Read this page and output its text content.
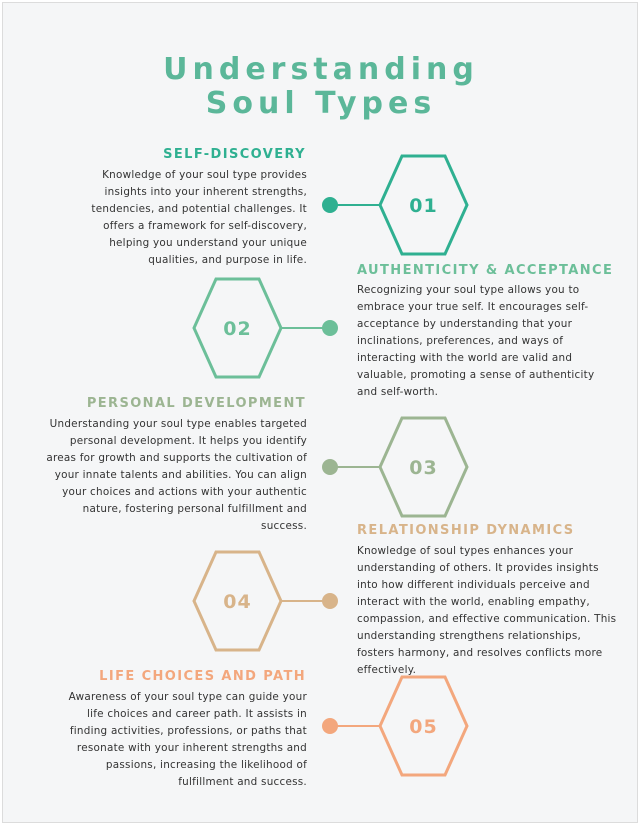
Understanding
Soul Types
01
02
03
04
05
SELF-DISCOVERY
Knowledge of your soul type provides insights into your inherent strengths, tendencies, and potential challenges. It offers a framework for self-discovery, helping you understand your unique qualities, and purpose in life.
AUTHENTICITY & ACCEPTANCE
Recognizing your soul type allows you to embrace your true self. It encourages self-acceptance by understanding that your inclinations, preferences, and ways of interacting with the world are valid and valuable, promoting a sense of authenticity and self-worth.
PERSONAL DEVELOPMENT
Understanding your soul type enables targeted personal development. It helps you identify areas for growth and supports the cultivation of your innate talents and abilities. You can align your choices and actions with your authentic nature, fostering personal fulfillment and success.	RELATIONSHIP DYNAMICS
Knowledge of soul types enhances your understanding of others. It provides insights into how different individuals perceive and interact with the world, enabling empathy, compassion, and effective communication. This understanding strengthens relationships, fosters harmony, and resolves conflicts more effectively.
LIFE CHOICES AND PATH
Awareness of your soul type can guide your life choices and career path. It assists in finding activities, professions, or paths that resonate with your inherent strengths and passions, increasing the likelihood of fulfillment and success.
